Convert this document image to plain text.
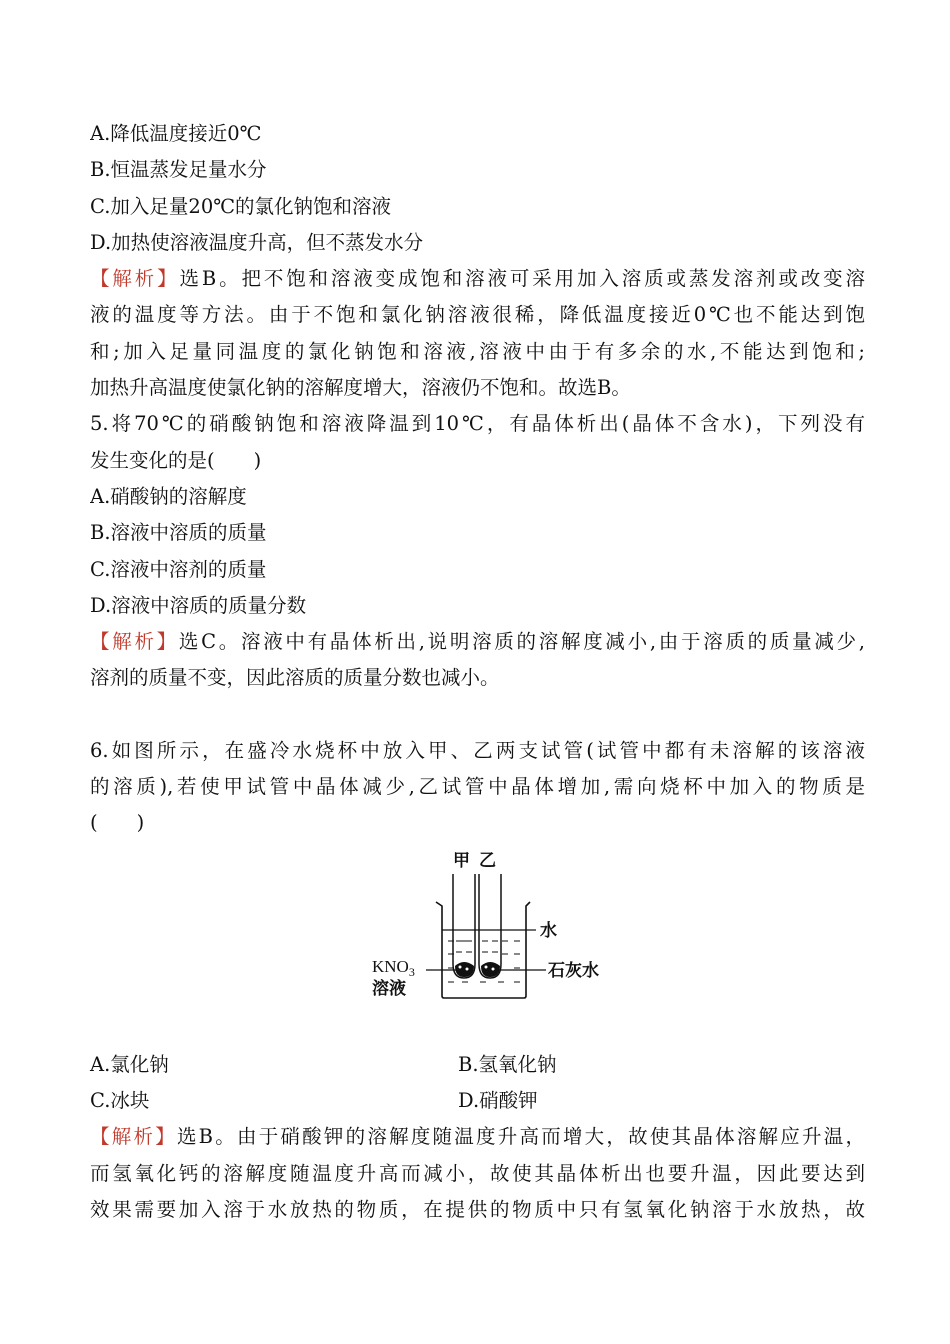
A.降低温度接近0℃
B.恒温蒸发足量水分
C.加入足量20℃的氯化钠饱和溶液
D.加热使溶液温度升高，但不蒸发水分
【解析】选B。把不饱和溶液变成饱和溶液可采用加入溶质或蒸发溶剂或改变溶
液的温度等方法。由于不饱和氯化钠溶液很稀，降低温度接近0℃也不能达到饱
和;加入足量同温度的氯化钠饱和溶液,溶液中由于有多余的水,不能达到饱和;
加热升高温度使氯化钠的溶解度增大，溶液仍不饱和。故选B。
5.将70℃的硝酸钠饱和溶液降温到10℃，有晶体析出(晶体不含水)，下列没有
发生变化的是(　　)
A.硝酸钠的溶解度
B.溶液中溶质的质量
C.溶液中溶剂的质量
D.溶液中溶质的质量分数
【解析】选C。溶液中有晶体析出,说明溶质的溶解度减小,由于溶质的质量减少,
溶剂的质量不变，因此溶质的质量分数也减小。
6.如图所示，在盛冷水烧杯中放入甲、乙两支试管(试管中都有未溶解的该溶液
的溶质),若使甲试管中晶体减少,乙试管中晶体增加,需向烧杯中加入的物质是
(　　)
甲 乙
水
石灰水
$KNO_3$
溶液
A.氯化钠	B.氢氧化钠
C.冰块	D.硝酸钾
【解析】选B。由于硝酸钾的溶解度随温度升高而增大，故使其晶体溶解应升温，
而氢氧化钙的溶解度随温度升高而减小，故使其晶体析出也要升温，因此要达到
效果需要加入溶于水放热的物质，在提供的物质中只有氢氧化钠溶于水放热，故
